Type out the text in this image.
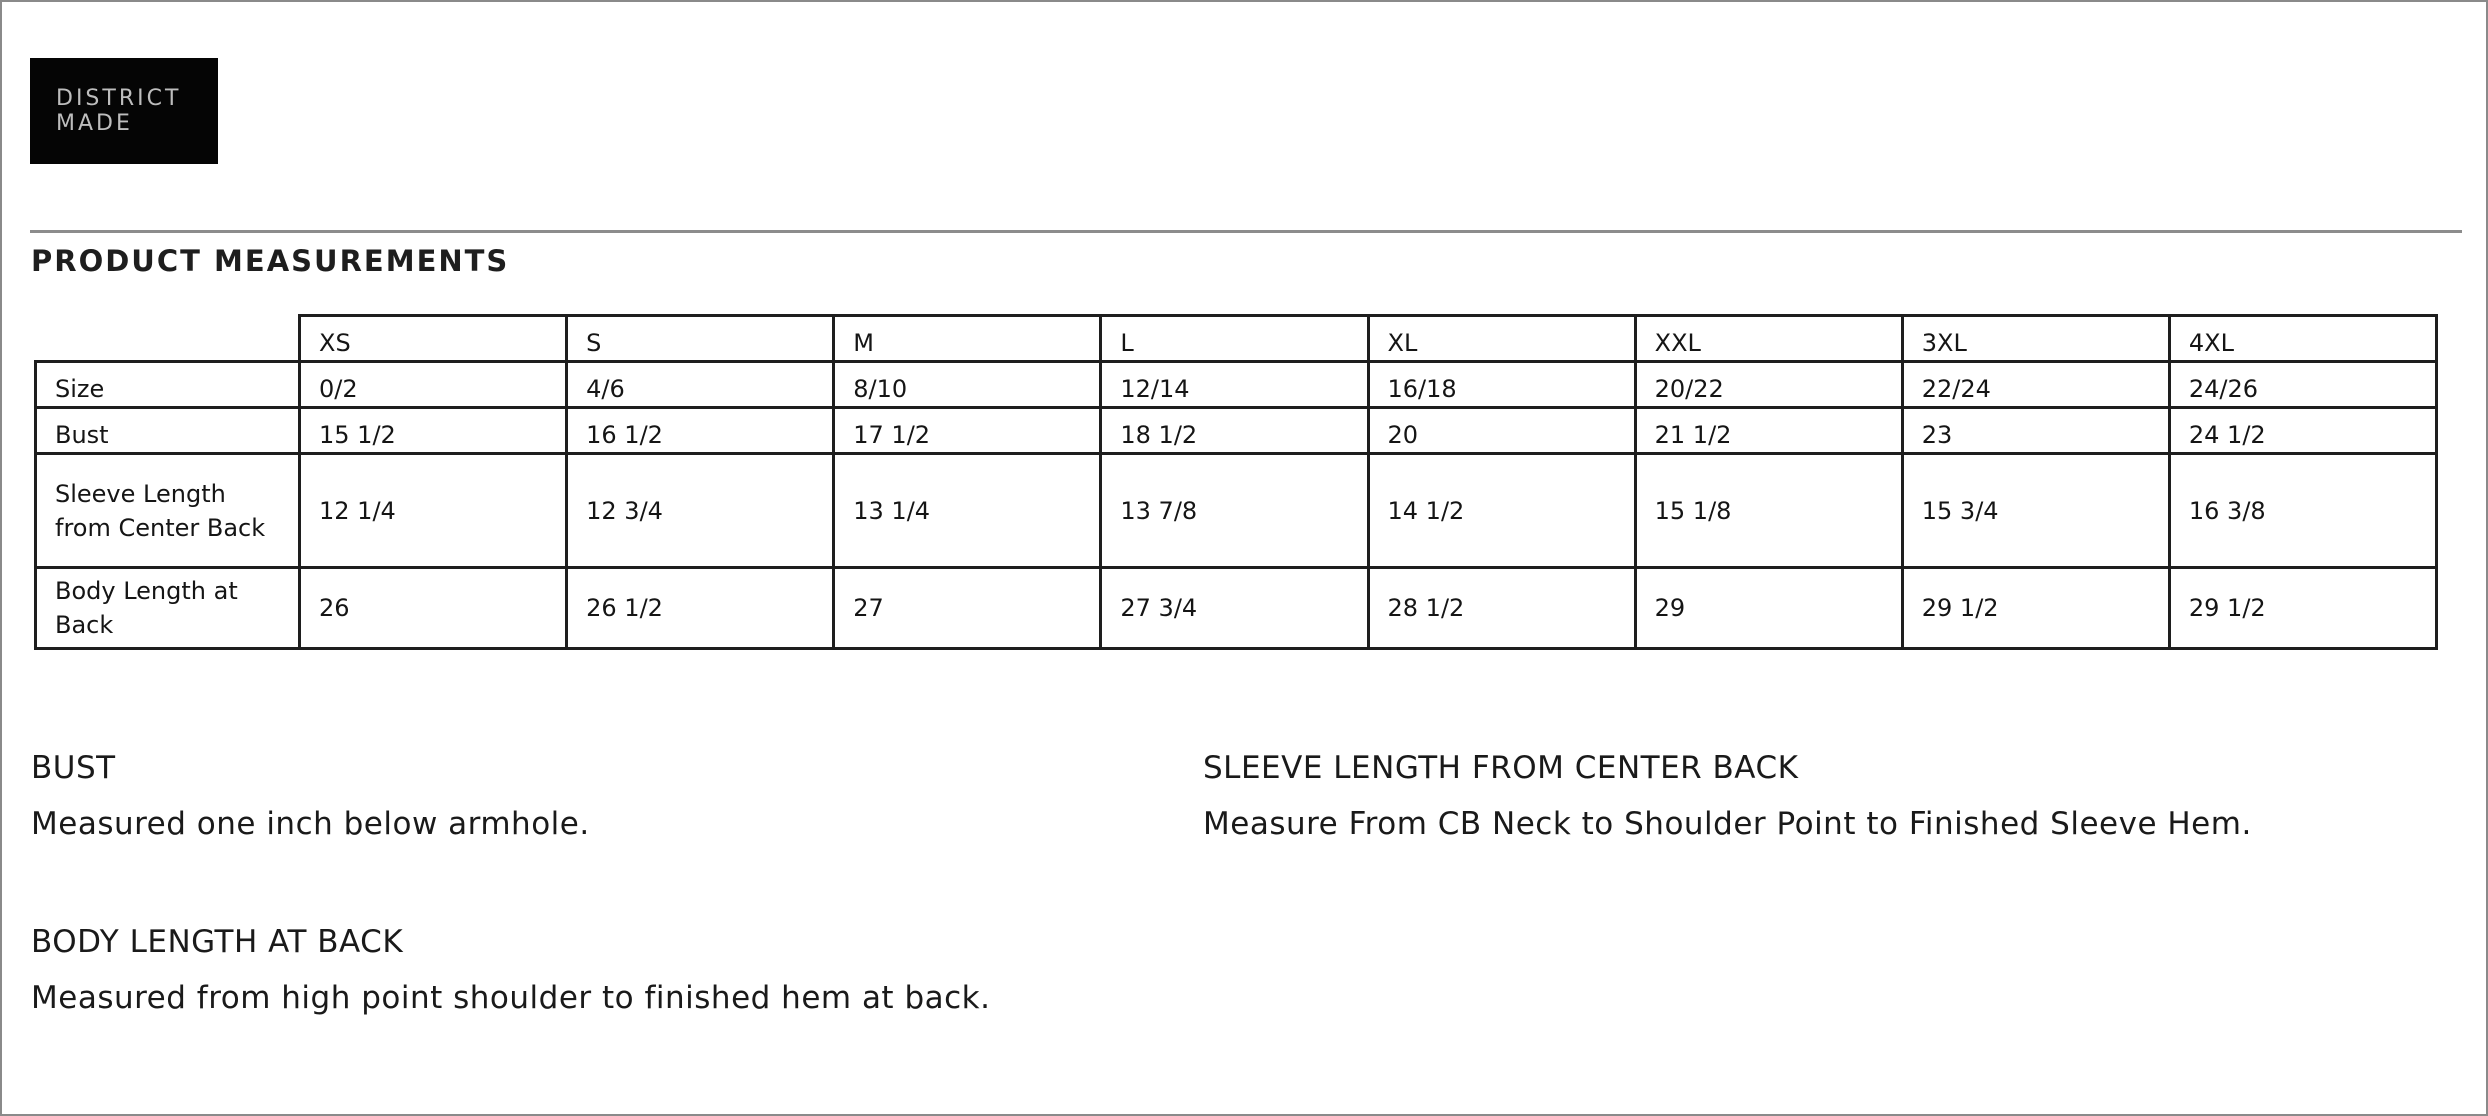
DISTRICT
MADE
PRODUCT MEASUREMENTS
	XS	S	M	L	XL	XXL	3XL	4XL
Size	0/2	4/6	8/10	12/14	16/18	20/22	22/24	24/26
Bust	15 1/2	16 1/2	17 1/2	18 1/2	20	21 1/2	23	24 1/2
Sleeve Length from Center Back	12 1/4	12 3/4	13 1/4	13 7/8	14 1/2	15 1/8	15 3/4	16 3/8
Body Length at Back	26	26 1/2	27	27 3/4	28 1/2	29	29 1/2	29 1/2
BUST
Measured one inch below armhole.
SLEEVE LENGTH FROM CENTER BACK
Measure From CB Neck to Shoulder Point to Finished Sleeve Hem.
BODY LENGTH AT BACK
Measured from high point shoulder to finished hem at back.
